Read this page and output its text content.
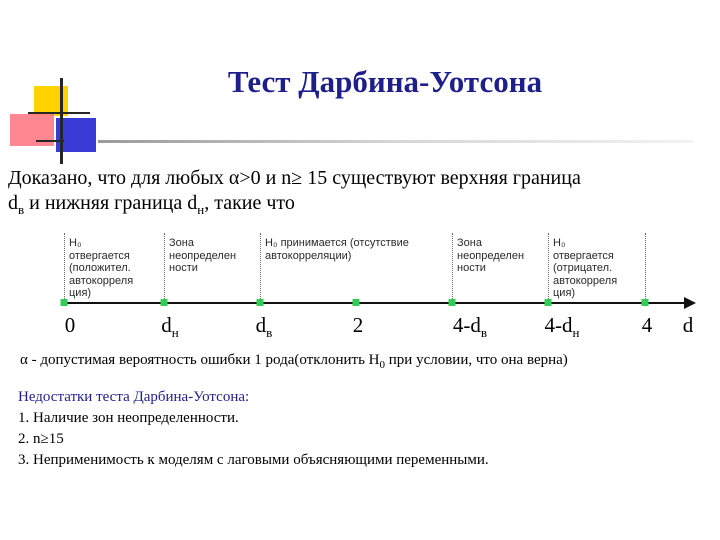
Тест Дарбина-Уотсона
Доказано, что для любых α>0 и n≥ 15 существуют верхняя граница
$d_в$ и нижняя граница $d_н$, такие что
H₀
отвергается
(положител.
автокорреля
ция)
Зона
неопределен
ности
H₀ принимается (отсутствие
автокорреляции)
Зона
неопределен
ности
H₀
отвергается
(отрицател.
автокорреля
ция)
0	$d_н$	$d_в$	2	$4-d_в$	$4-d_н$	4 d
α - допустимая вероятность ошибки 1 рода(отклонить $H_0$ при условии, что она верна)
Недостатки теста Дарбина-Уотсона:
1. Наличие зон неопределенности.
2. n≥15
3. Неприменимость к моделям с лаговыми объясняющими переменными.
